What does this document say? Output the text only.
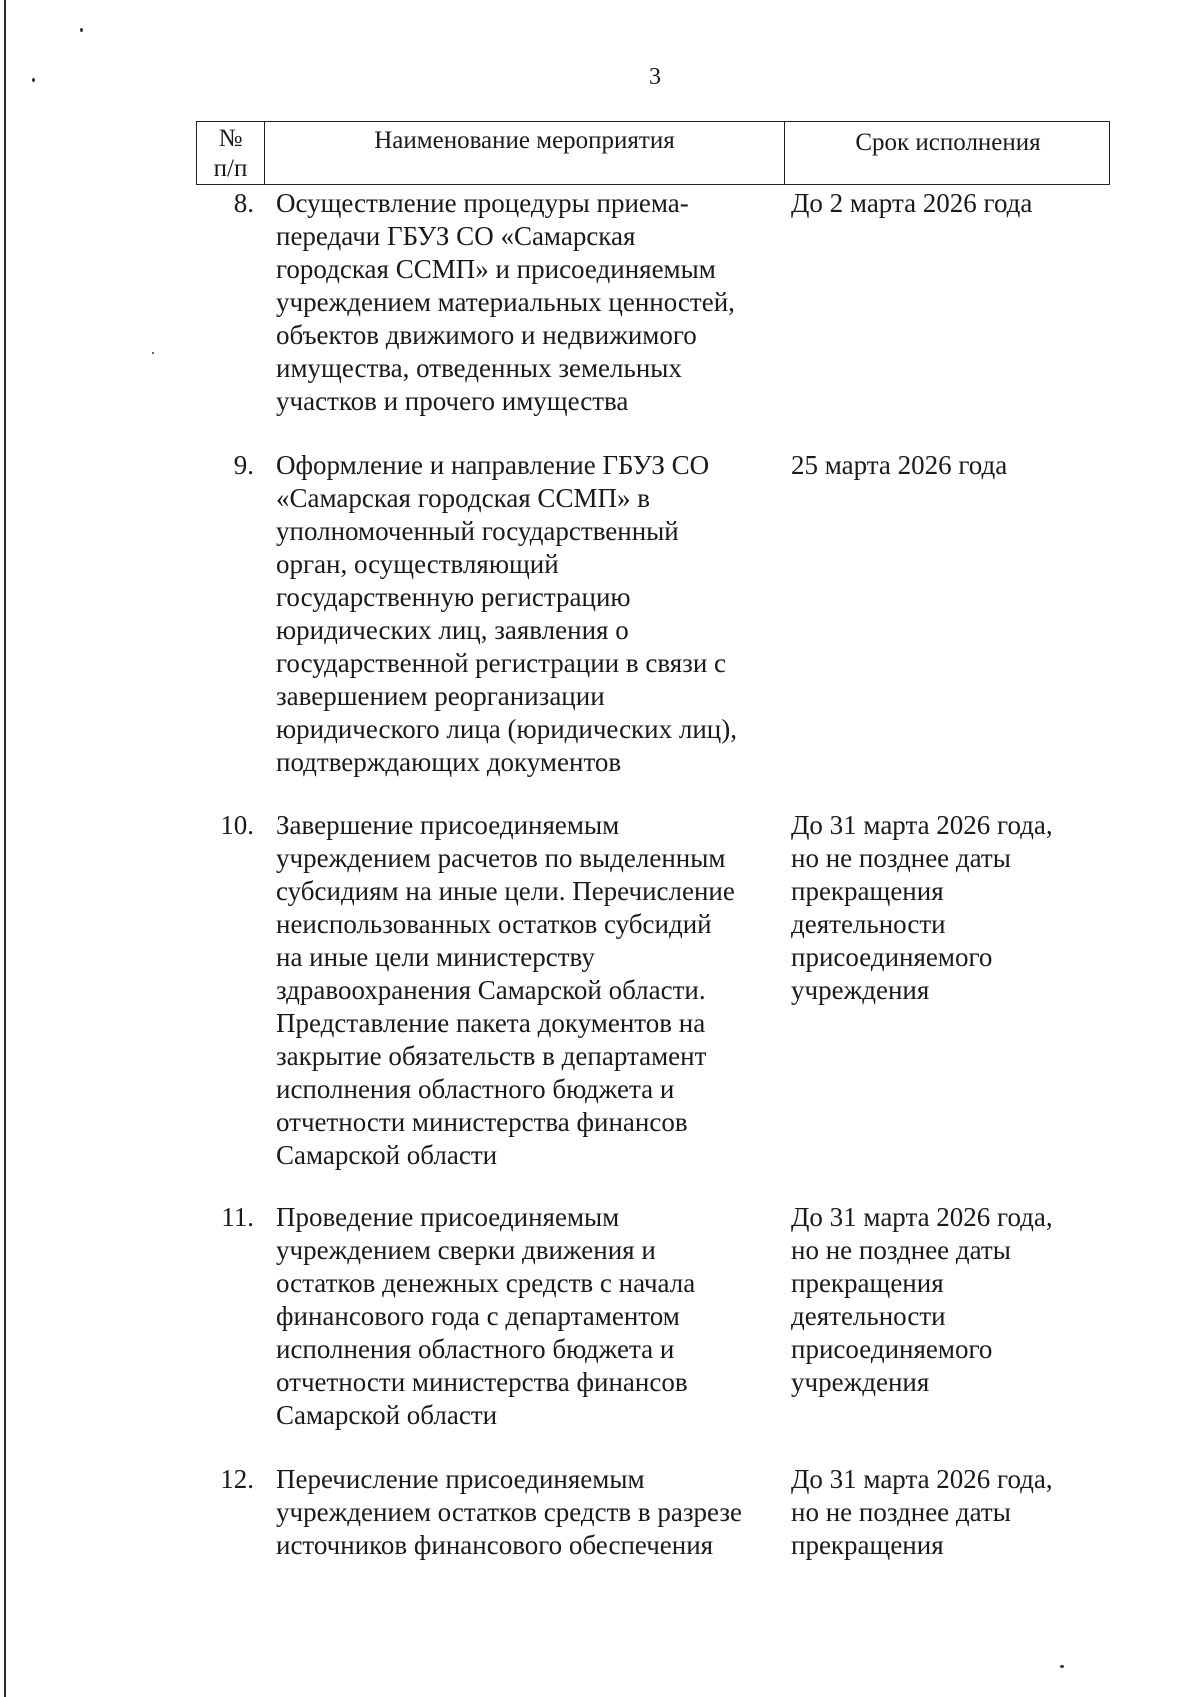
3
№
п/п
Наименование мероприятия	Срок исполнения
8. Осуществление процедуры приема-
передачи ГБУЗ СО «Самарская
городская ССМП» и присоединяемым
учреждением материальных ценностей,
объектов движимого и недвижимого
имущества, отведенных земельных
участков и прочего имущества
До 2 марта 2026 года
9. Оформление и направление ГБУЗ СО
«Самарская городская ССМП» в
уполномоченный государственный
орган, осуществляющий
государственную регистрацию
юридических лиц, заявления о
государственной регистрации в связи с
завершением реорганизации
юридического лица (юридических лиц),
подтверждающих документов
25 марта 2026 года
10. Завершение присоединяемым
учреждением расчетов по выделенным
субсидиям на иные цели. Перечисление
неиспользованных остатков субсидий
на иные цели министерству
здравоохранения Самарской области.
Представление пакета документов на
закрытие обязательств в департамент
исполнения областного бюджета и
отчетности министерства финансов
Самарской области
До 31 марта 2026 года,
но не позднее даты
прекращения
деятельности
присоединяемого
учреждения
11. Проведение присоединяемым
учреждением сверки движения и
остатков денежных средств с начала
финансового года с департаментом
исполнения областного бюджета и
отчетности министерства финансов
Самарской области
До 31 марта 2026 года,
но не позднее даты
прекращения
деятельности
присоединяемого
учреждения
12. Перечисление присоединяемым
учреждением остатков средств в разрезе
источников финансового обеспечения
До 31 марта 2026 года,
но не позднее даты
прекращения
